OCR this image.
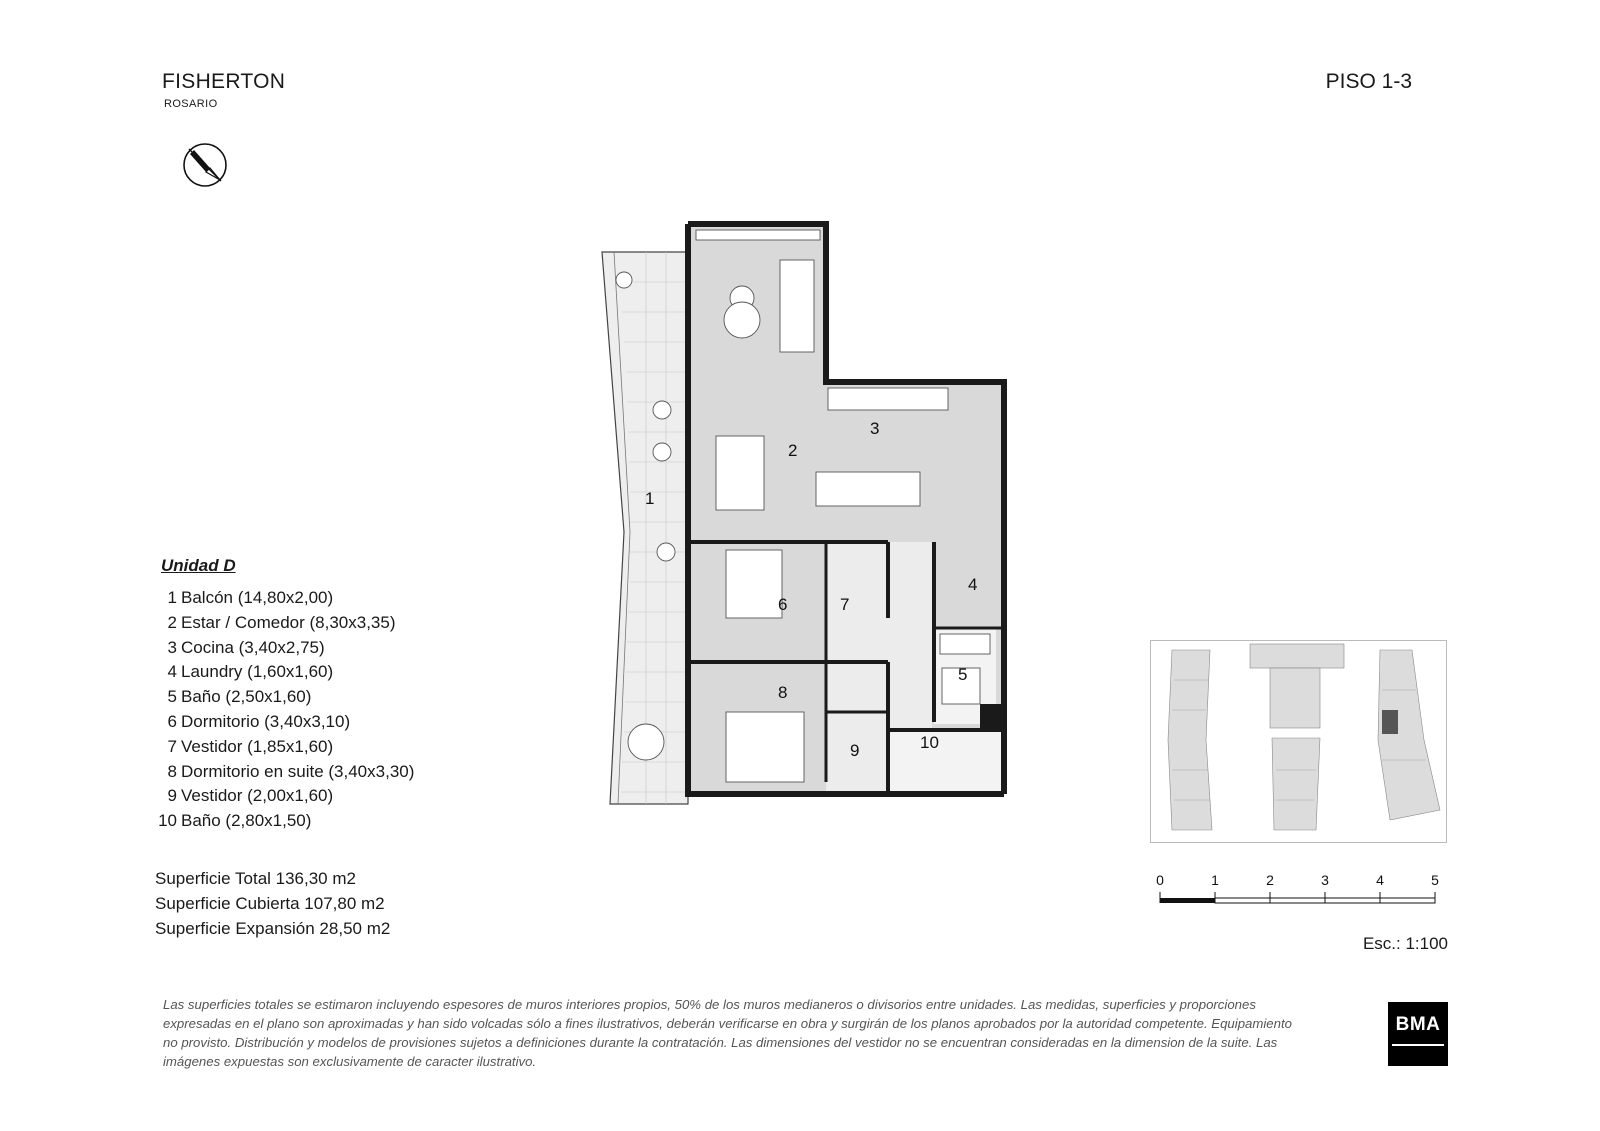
FISHERTON
ROSARIO
PISO 1-3
1
2
3
4
5
6	7
8
9	10
Unidad D
1 Balcón (14,80x2,00)
2 Estar / Comedor (8,30x3,35)
3 Cocina (3,40x2,75)
4 Laundry (1,60x1,60)
5 Baño (2,50x1,60)
6 Dormitorio (3,40x3,10)
7 Vestidor (1,85x1,60)
8 Dormitorio en suite (3,40x3,30)
9 Vestidor (2,00x1,60)
10 Baño (2,80x1,50)
Superficie Total 136,30 m2
Superficie Cubierta 107,80 m2
Superficie Expansión 28,50 m2
0	1	2	3	4	5
Esc.: 1:100
Las superficies totales se estimaron incluyendo espesores de muros interiores propios, 50% de los muros medianeros o divisorios entre unidades. Las medidas, superficies y proporciones expresadas en el plano son aproximadas y han sido volcadas sólo a fines ilustrativos, deberán verificarse en obra y surgirán de los planos aprobados por la autoridad competente. Equipamiento no provisto. Distribución y modelos de provisiones sujetos a definiciones durante la contratación. Las dimensiones del vestidor no se encuentran consideradas en la dimension de la suite. Las imágenes expuestas son exclusivamente de caracter ilustrativo.
BMA
